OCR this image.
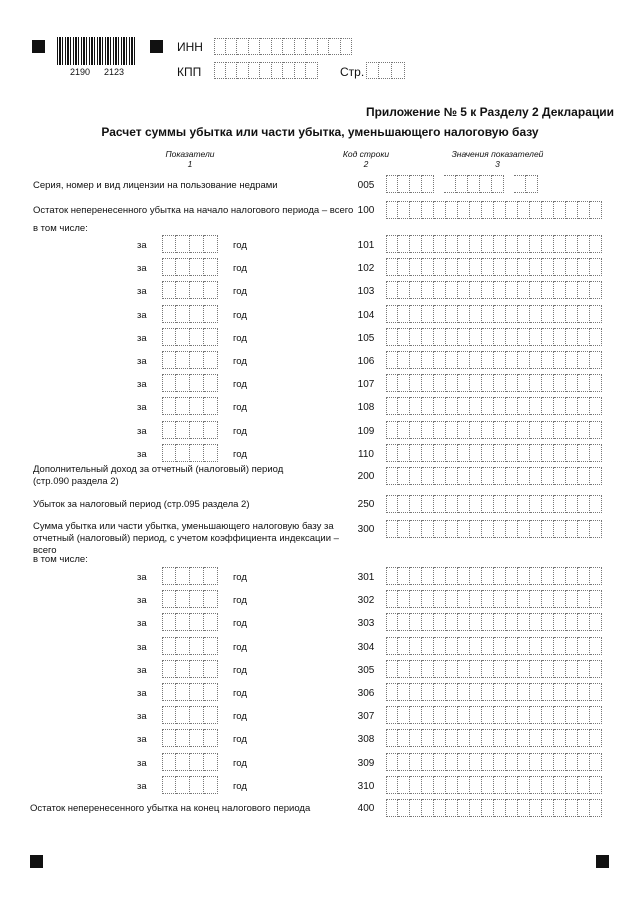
2190 2123
ИНН
КПП	Стр.
Приложение № 5 к Разделу 2 Декларации
Расчет суммы убытка или части убытка, уменьшающего налоговую базу
Показатели
1
Код строки
2
Значения показателей
3
Серия, номер и вид лицензии на пользование недрами	005
Остаток неперенесенного убытка на начало налогового периода – всего 100
в том числе:
за	год	101
за	год	102
за	год	103
за	год	104
за	год	105
за	год	106
за	год	107
за	год	108
за	год	109
за	год	110
Дополнительный доход за отчетный (налоговый) период
(стр.090 раздела 2)	200
Убыток за налоговый период (стр.095 раздела 2)	250
Сумма убытка или части убытка, уменьшающего налоговую базу за
отчетный (налоговый) период, с учетом коэффициента индексации –
всего
300
в том числе:
за	год	301
за	год	302
за	год	303
за	год	304
за	год	305
за	год	306
за	год	307
за	год	308
за	год	309
за	год	310
Остаток неперенесенного убытка на конец налогового периода	400
